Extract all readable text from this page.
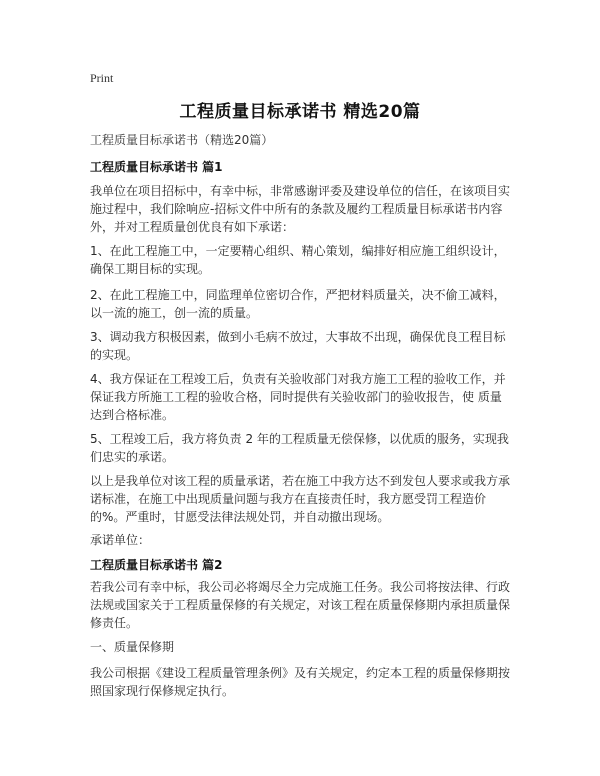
Print
工程质量目标承诺书 精选20篇
工程质量目标承诺书（精选20篇）
工程质量目标承诺书 篇1
我单位在项目招标中，有幸中标，非常感谢评委及建设单位的信任，在该项目实施过程中，我们除响应-招标文件中所有的条款及履约工程质量目标承诺书内容外，并对工程质量创优良有如下承诺：
1、在此工程施工中，一定要精心组织、精心策划，编排好相应施工组织设计，确保工期目标的实现。
2、在此工程施工中，同监理单位密切合作，严把材料质量关，决不偷工减料，以一流的施工，创一流的质量。
3、调动我方积极因素，做到小毛病不放过，大事故不出现，确保优良工程目标的实现。
4、我方保证在工程竣工后，负责有关验收部门对我方施工工程的验收工作，并保证我方所施工工程的验收合格，同时提供有关验收部门的验收报告，使 质量达到合格标准。
5、工程竣工后，我方将负责 2 年的工程质量无偿保修，以优质的服务，实现我们忠实的承诺。
以上是我单位对该工程的质量承诺，若在施工中我方达不到发包人要求或我方承诺标准，在施工中出现质量问题与我方在直接责任时，我方愿受罚工程造价的%。严重时，甘愿受法律法规处罚，并自动撤出现场。
承诺单位：
工程质量目标承诺书 篇2
若我公司有幸中标，我公司必将竭尽全力完成施工任务。我公司将按法律、行政法规或国家关于工程质量保修的有关规定，对该工程在质量保修期内承担质量保修责任。
一、质量保修期
我公司根据《建设工程质量管理条例》及有关规定，约定本工程的质量保修期按照国家现行保修规定执行。
